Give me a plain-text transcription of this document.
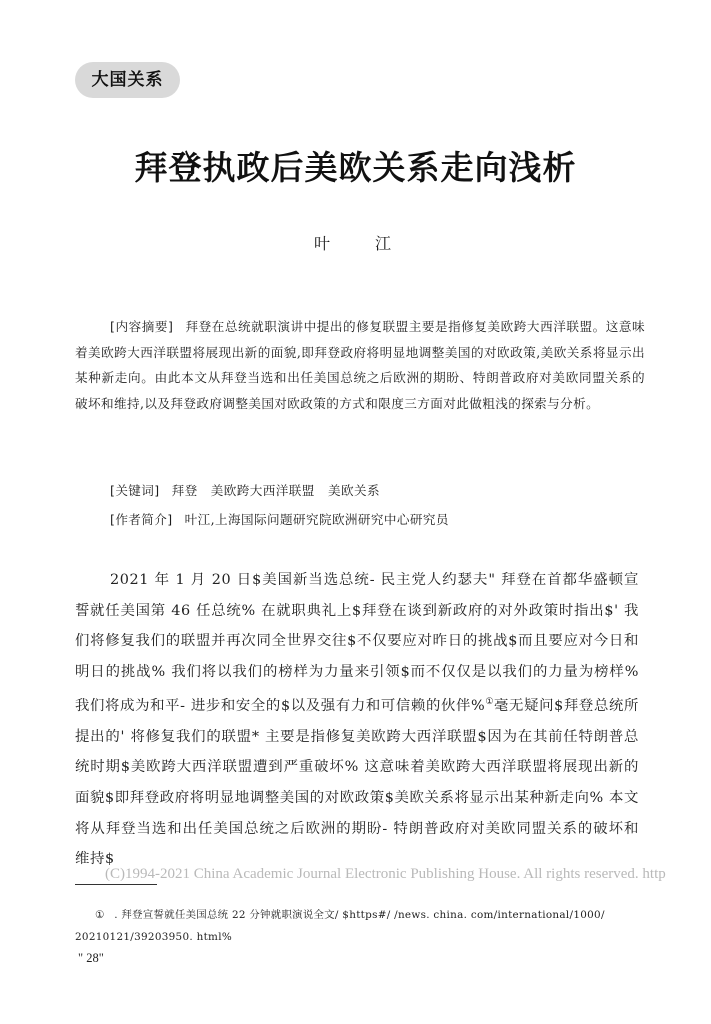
大国关系
拜登执政后美欧关系走向浅析
叶 江
[内容摘要] 拜登在总统就职演讲中提出的修复联盟主要是指修复美欧跨大西洋联盟。这意味着美欧跨大西洋联盟将展现出新的面貌,即拜登政府将明显地调整美国的对欧政策,美欧关系将显示出某种新走向。由此本文从拜登当选和出任美国总统之后欧洲的期盼、特朗普政府对美欧同盟关系的破坏和维持,以及拜登政府调整美国对欧政策的方式和限度三方面对此做粗浅的探索与分析。
[关键词] 拜登   美欧跨大西洋联盟   美欧关系
[作者简介] 叶江,上海国际问题研究院欧洲研究中心研究员
2021 年 1 月 20 日$美国新当选总统- 民主党人约瑟夫" 拜登在首都华盛顿宣誓就任美国第 46 任总统% 在就职典礼上$拜登在谈到新政府的对外政策时指出$' 我们将修复我们的联盟并再次同全世界交往$不仅要应对昨日的挑战$而且要应对今日和明日的挑战% 我们将以我们的榜样为力量来引领$而不仅仅是以我们的力量为榜样% 我们将成为和平- 进步和安全的$以及强有力和可信赖的伙伴%①毫无疑问$拜登总统所提出的' 将修复我们的联盟* 主要是指修复美欧跨大西洋联盟$因为在其前任特朗普总统时期$美欧跨大西洋联盟遭到严重破坏% 这意味着美欧跨大西洋联盟将展现出新的面貌$即拜登政府将明显地调整美国的对欧政策$美欧关系将显示出某种新走向% 本文将从拜登当选和出任美国总统之后欧洲的期盼- 特朗普政府对美欧同盟关系的破坏和维持$
(C)1994-2021 China Academic Journal Electronic Publishing House. All rights reserved. http
① . 拜登宣誓就任美国总统 22 分钟就职演说全文/ $https#/ /news. china. com/international/1000/ 20210121/39203950. html%
" 28"
